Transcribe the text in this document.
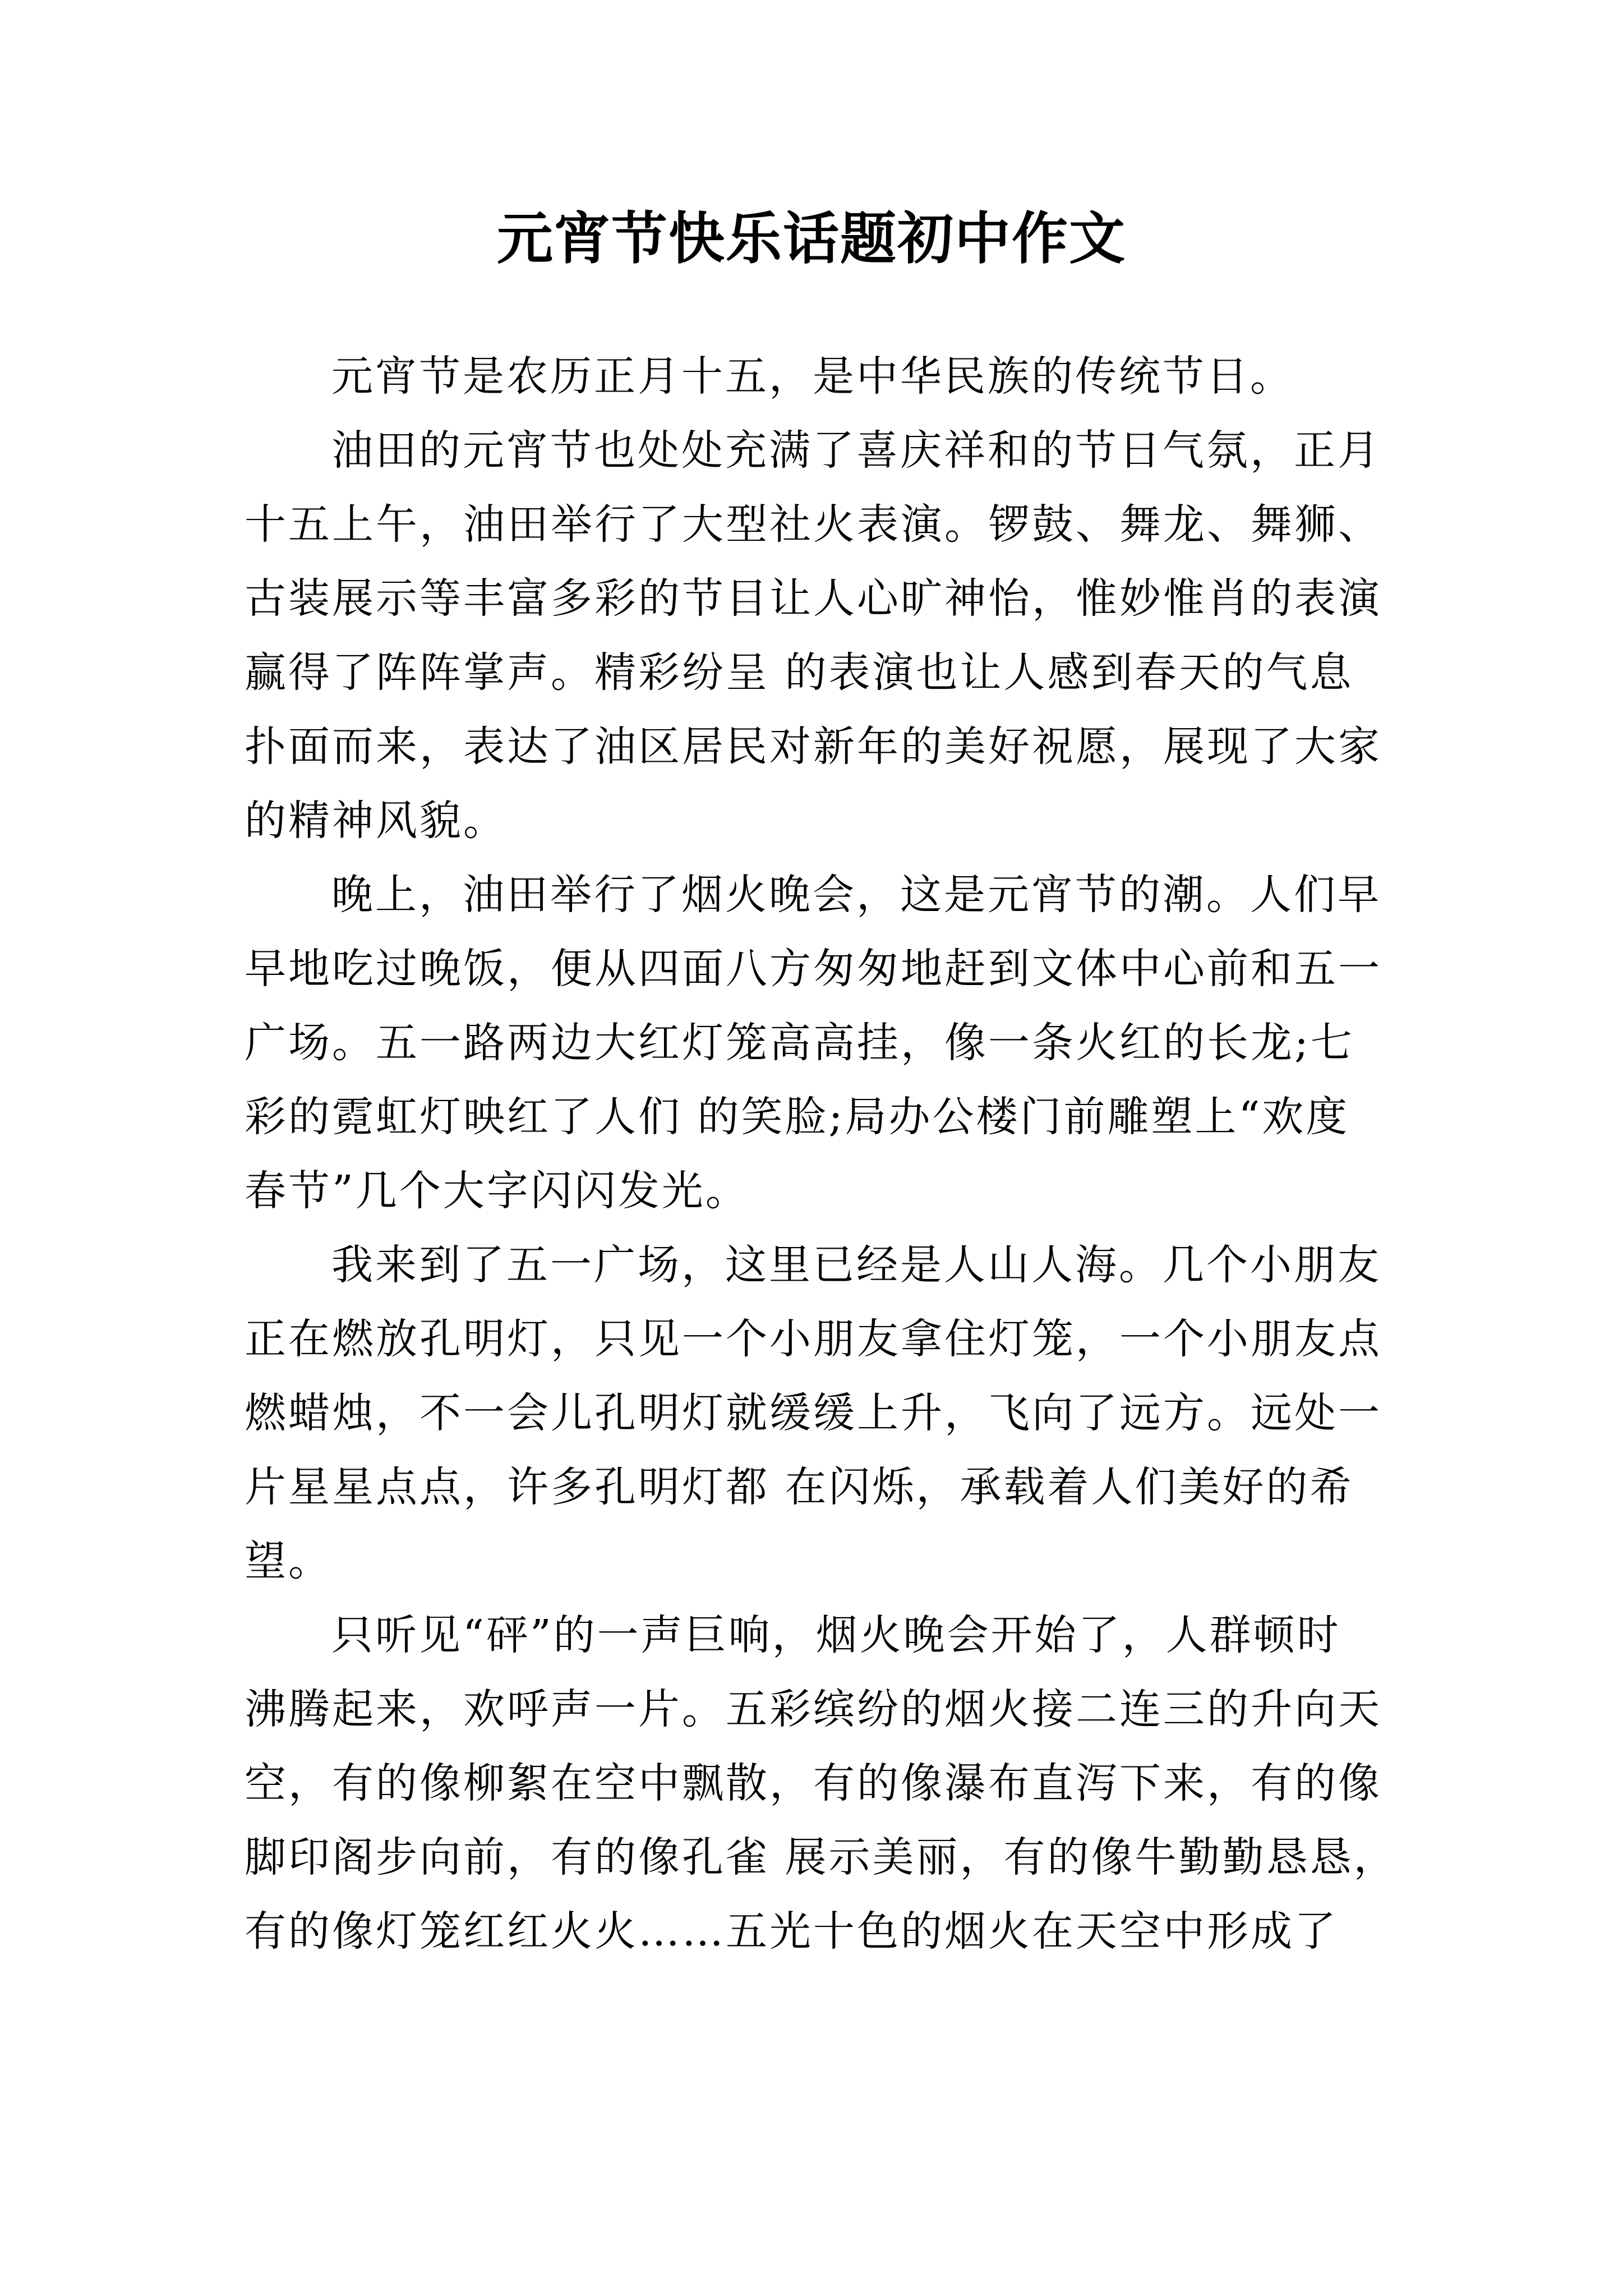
元宵节快乐话题初中作文

元宵节是农历正月十五，是中华民族的传统节日。

油田的元宵节也处处充满了喜庆祥和的节日气氛，正月

十五上午，油田举行了大型社火表演。锣鼓、舞龙、舞狮、

古装展示等丰富多彩的节目让人心旷神怡，惟妙惟肖的表演

赢得了阵阵掌声。精彩纷呈 的表演也让人感到春天的气息

扑面而来，表达了油区居民对新年的美好祝愿，展现了大家

的精神风貌。

晚上，油田举行了烟火晚会，这是元宵节的潮。人们早

早地吃过晚饭，便从四面八方匆匆地赶到文体中心前和五一

广场。五一路两边大红灯笼高高挂，像一条火红的长龙;七

彩的霓虹灯映红了人们 的笑脸;局办公楼门前雕塑上“欢度

春节”几个大字闪闪发光。

我来到了五一广场，这里已经是人山人海。几个小朋友

正在燃放孔明灯，只见一个小朋友拿住灯笼，一个小朋友点

燃蜡烛，不一会儿孔明灯就缓缓上升，飞向了远方。远处一

片星星点点，许多孔明灯都 在闪烁，承载着人们美好的希

望。

只听见“砰”的一声巨响，烟火晚会开始了，人群顿时

沸腾起来，欢呼声一片。五彩缤纷的烟火接二连三的升向天

空，有的像柳絮在空中飘散，有的像瀑布直泻下来，有的像

脚印阁步向前，有的像孔雀 展示美丽，有的像牛勤勤恳恳，

有的像灯笼红红火火……五光十色的烟火在天空中形成了
